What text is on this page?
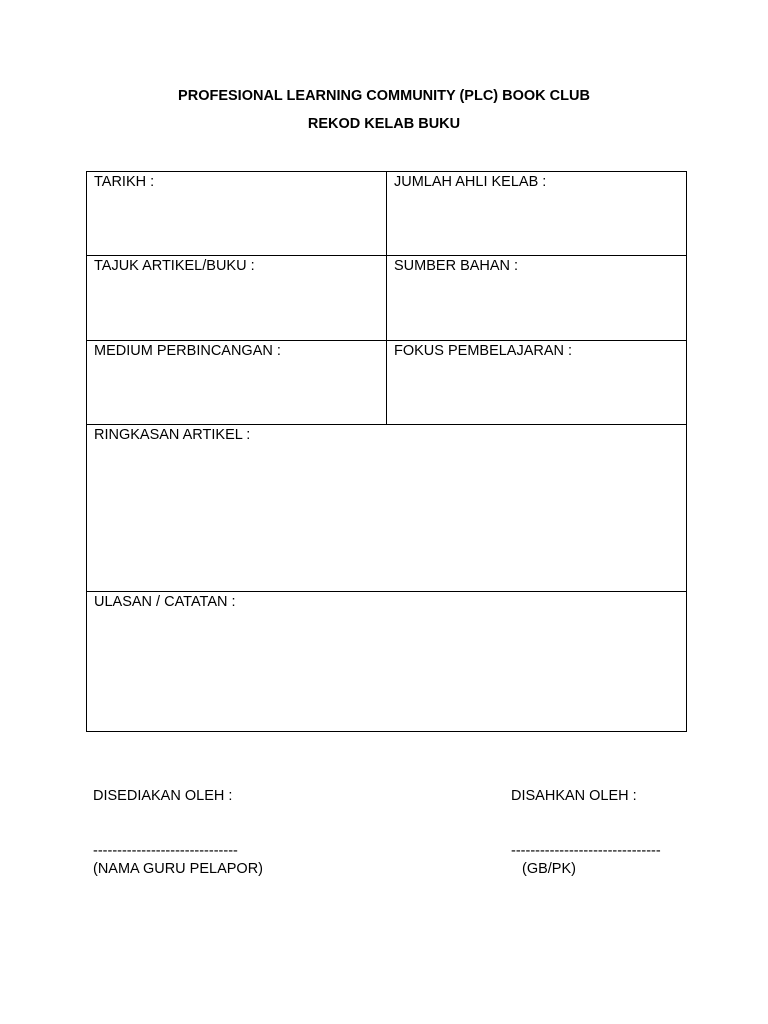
PROFESIONAL LEARNING COMMUNITY (PLC) BOOK CLUB
REKOD KELAB BUKU
TARIKH :	JUMLAH AHLI KELAB :
TAJUK ARTIKEL/BUKU :	SUMBER BAHAN :
MEDIUM PERBINCANGAN :	FOKUS PEMBELAJARAN :
RINGKASAN ARTIKEL :
ULASAN / CATATAN :
DISEDIAKAN OLEH :
------------------------------
(NAMA GURU PELAPOR)
DISAHKAN OLEH :
-------------------------------
(GB/PK)
